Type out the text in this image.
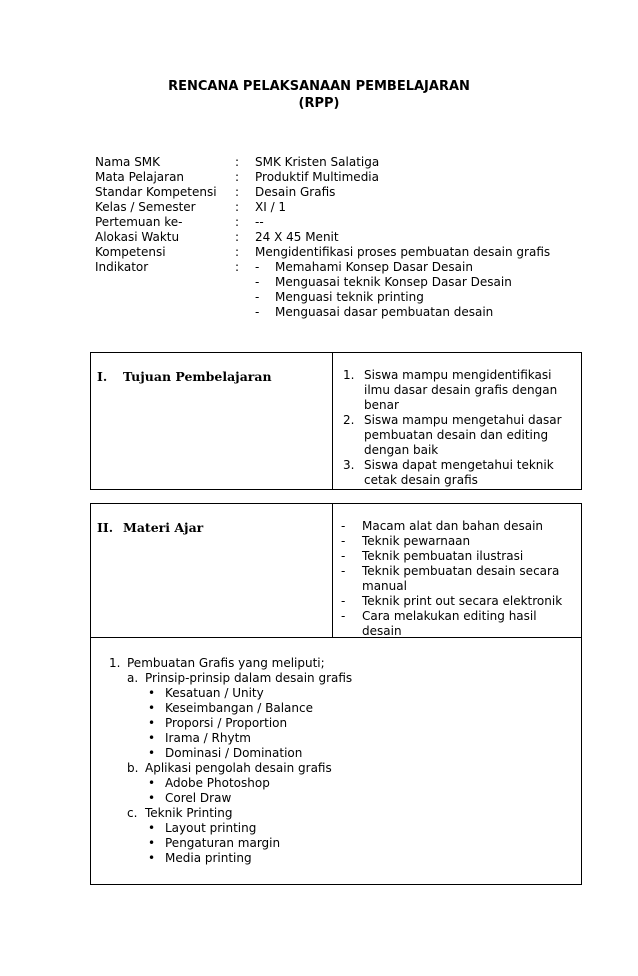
RENCANA PELAKSANAAN PEMBELAJARAN
(RPP)
Nama SMK	:	SMK Kristen Salatiga
Mata Pelajaran	:	Produktif Multimedia
Standar Kompetensi	:	Desain Grafis
Kelas / Semester	:	XI / 1
Pertemuan ke-	:	--
Alokasi Waktu	:	24 X 45 Menit
Kompetensi	:	Mengidentifikasi proses pembuatan desain grafis
Indikator	:	-	Memahami Konsep Dasar Desain
-	Menguasai teknik Konsep Dasar Desain
-	Menguasi teknik printing
-	Menguasai dasar pembuatan desain
I. Tujuan Pembelajaran	1. Siswa mampu mengidentifikasi ilmu dasar desain grafis dengan benar
2. Siswa mampu mengetahui dasar pembuatan desain dan editing dengan baik
3. Siswa dapat mengetahui teknik cetak desain grafis
II. Materi Ajar	-	Macam alat dan bahan desain
-	Teknik pewarnaan
-	Teknik pembuatan ilustrasi
-	Teknik pembuatan desain secara manual
-	Teknik print out secara elektronik
-	Cara melakukan editing hasil desain
1. Pembuatan Grafis yang meliputi;
a. Prinsip-prinsip dalam desain grafis
• Kesatuan / Unity
• Keseimbangan / Balance
• Proporsi / Proportion
• Irama / Rhytm
• Dominasi / Domination
b. Aplikasi pengolah desain grafis
• Adobe Photoshop
• Corel Draw
c. Teknik Printing
• Layout printing
• Pengaturan margin
• Media printing
